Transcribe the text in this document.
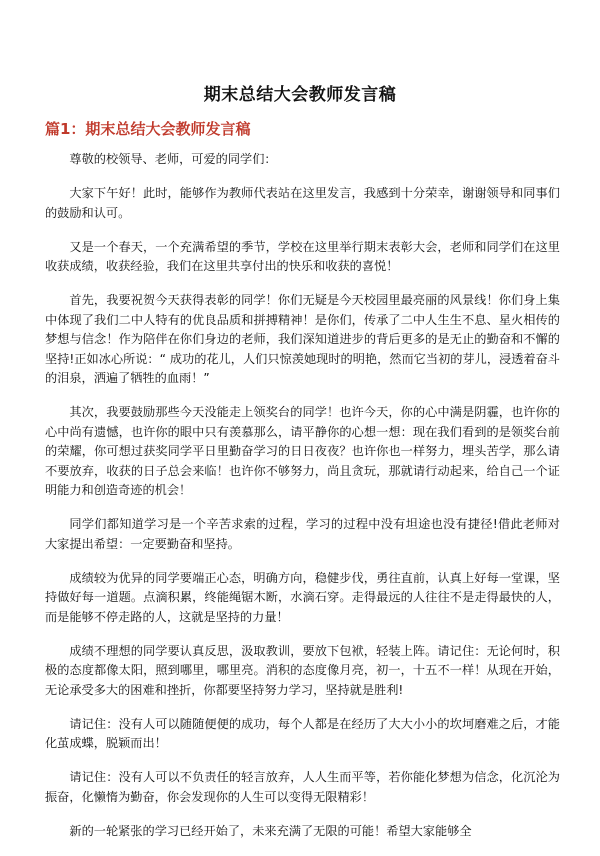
期末总结大会教师发言稿
篇1：期末总结大会教师发言稿

尊敬的校领导、老师，可爱的同学们：

大家下午好！此时，能够作为教师代表站在这里发言，我感到十分荣幸，谢谢领导和同事们的鼓励和认可。

又是一个春天，一个充满希望的季节，学校在这里举行期末表彰大会，老师和同学们在这里收获成绩，收获经验，我们在这里共享付出的快乐和收获的喜悦！

首先，我要祝贺今天获得表彰的同学！你们无疑是今天校园里最亮丽的风景线！你们身上集中体现了我们二中人特有的优良品质和拼搏精神！是你们，传承了二中人生生不息、星火相传的梦想与信念！作为陪伴在你们身边的老师，我们深知道进步的背后更多的是无止的勤奋和不懈的坚持!正如冰心所说：“ 成功的花儿，人们只惊羡她现时的明艳，然而它当初的芽儿，浸透着奋斗的泪泉，洒遍了牺牲的血雨！”

其次，我要鼓励那些今天没能走上领奖台的同学！也许今天，你的心中满是阴霾，也许你的心中尚有遗憾，也许你的眼中只有羡慕那么，请平静你的心想一想：现在我们看到的是领奖台前的荣耀，你可想过获奖同学平日里勤奋学习的日日夜夜？也许你也一样努力，埋头苦学，那么请不要放弃，收获的日子总会来临！也许你不够努力，尚且贪玩，那就请行动起来，给自己一个证明能力和创造奇迹的机会！

同学们都知道学习是一个辛苦求索的过程，学习的过程中没有坦途也没有捷径!借此老师对大家提出希望：一定要勤奋和坚持。

成绩较为优异的同学要端正心态，明确方向，稳健步伐，勇往直前，认真上好每一堂课，坚持做好每一道题。点滴积累，终能绳锯木断，水滴石穿。走得最远的人往往不是走得最快的人，而是能够不停走路的人，这就是坚持的力量！

成绩不理想的同学要认真反思，汲取教训，要放下包袱，轻装上阵。请记住：无论何时，积极的态度都像太阳，照到哪里，哪里亮。消积的态度像月亮，初一，十五不一样！从现在开始，无论承受多大的困难和挫折，你都要坚持努力学习，坚持就是胜利!

请记住：没有人可以随随便便的成功，每个人都是在经历了大大小小的坎坷磨难之后，才能化茧成蝶，脱颖而出！

请记住：没有人可以不负责任的轻言放弃，人人生而平等，若你能化梦想为信念，化沉沦为振奋，化懒惰为勤奋，你会发现你的人生可以变得无限精彩！

新的一轮紧张的学习已经开始了，未来充满了无限的可能！希望大家能够全
